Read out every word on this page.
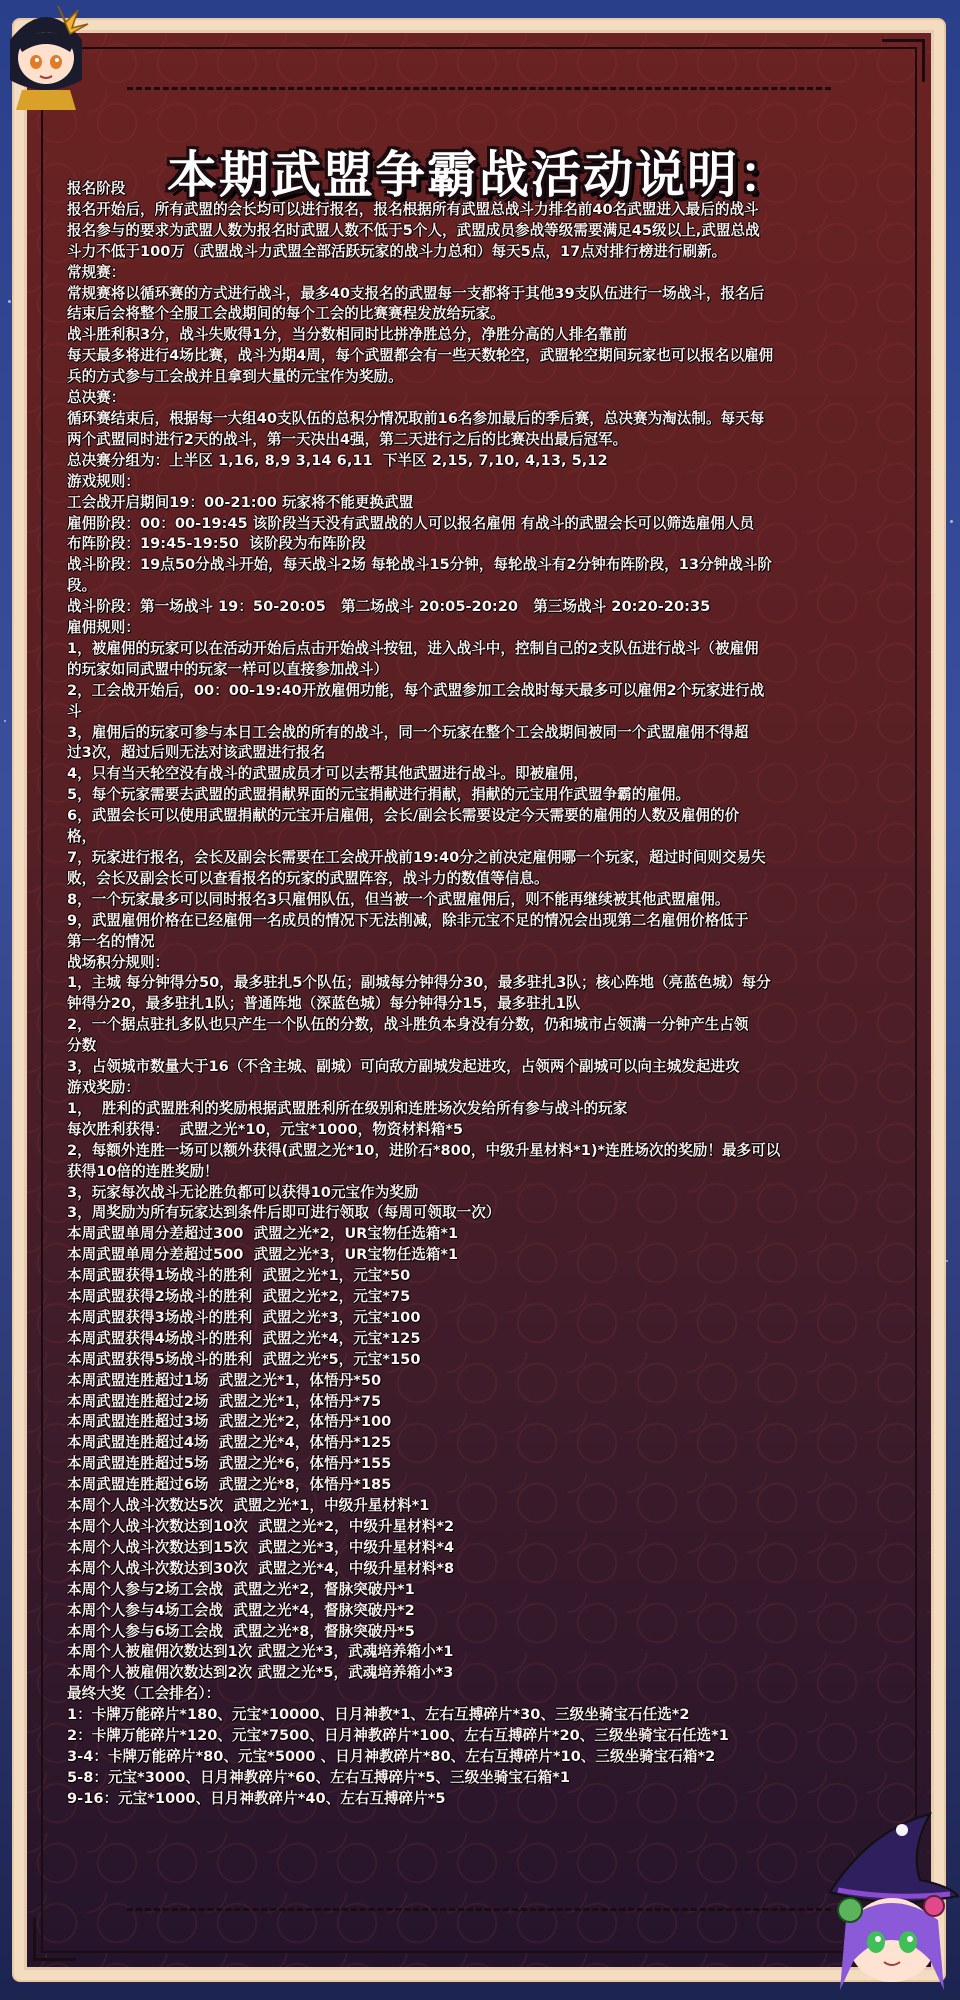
本期武盟争霸战活动说明：

报名阶段

报名开始后，所有武盟的会长均可以进行报名，报名根据所有武盟总战斗力排名前40名武盟进入最后的战斗

报名参与的要求为武盟人数为报名时武盟人数不低于5个人，武盟成员参战等级需要满足45级以上,武盟总战

斗力不低于100万（武盟战斗力武盟全部活跃玩家的战斗力总和）每天5点，17点对排行榜进行刷新。

常规赛：

常规赛将以循环赛的方式进行战斗，最多40支报名的武盟每一支都将于其他39支队伍进行一场战斗，报名后

结束后会将整个全服工会战期间的每个工会的比赛赛程发放给玩家。

战斗胜利积3分，战斗失败得1分，当分数相同时比拼净胜总分，净胜分高的人排名靠前

每天最多将进行4场比赛，战斗为期4周，每个武盟都会有一些天数轮空，武盟轮空期间玩家也可以报名以雇佣

兵的方式参与工会战并且拿到大量的元宝作为奖励。

总决赛：

循环赛结束后，根据每一大组40支队伍的总积分情况取前16名参加最后的季后赛，总决赛为淘汰制。每天每

两个武盟同时进行2天的战斗，第一天决出4强，第二天进行之后的比赛决出最后冠军。

总决赛分组为：上半区 1,16, 8,9 3,14 6,11  下半区 2,15, 7,10, 4,13, 5,12

游戏规则：

工会战开启期间19：00-21:00 玩家将不能更换武盟

雇佣阶段：00：00-19:45 该阶段当天没有武盟战的人可以报名雇佣 有战斗的武盟会长可以筛选雇佣人员

布阵阶段：19:45-19:50  该阶段为布阵阶段

战斗阶段：19点50分战斗开始，每天战斗2场 每轮战斗15分钟，每轮战斗有2分钟布阵阶段，13分钟战斗阶

段。

战斗阶段：第一场战斗 19：50-20:05   第二场战斗 20:05-20:20   第三场战斗 20:20-20:35

雇佣规则：

1，被雇佣的玩家可以在活动开始后点击开始战斗按钮，进入战斗中，控制自己的2支队伍进行战斗（被雇佣

的玩家如同武盟中的玩家一样可以直接参加战斗）

2，工会战开始后，00：00-19:40开放雇佣功能，每个武盟参加工会战时每天最多可以雇佣2个玩家进行战

斗

3，雇佣后的玩家可参与本日工会战的所有的战斗，同一个玩家在整个工会战期间被同一个武盟雇佣不得超

过3次，超过后则无法对该武盟进行报名

4，只有当天轮空没有战斗的武盟成员才可以去帮其他武盟进行战斗。即被雇佣，

5，每个玩家需要去武盟的武盟捐献界面的元宝捐献进行捐献，捐献的元宝用作武盟争霸的雇佣。

6，武盟会长可以使用武盟捐献的元宝开启雇佣，会长/副会长需要设定今天需要的雇佣的人数及雇佣的价

格，

7，玩家进行报名，会长及副会长需要在工会战开战前19:40分之前决定雇佣哪一个玩家，超过时间则交易失

败，会长及副会长可以查看报名的玩家的武盟阵容，战斗力的数值等信息。

8，一个玩家最多可以同时报名3只雇佣队伍，但当被一个武盟雇佣后，则不能再继续被其他武盟雇佣。

9，武盟雇佣价格在已经雇佣一名成员的情况下无法削减，除非元宝不足的情况会出现第二名雇佣价格低于

第一名的情况

战场积分规则：

1，主城 每分钟得分50，最多驻扎5个队伍；副城每分钟得分30，最多驻扎3队；核心阵地（亮蓝色城）每分

钟得分20，最多驻扎1队；普通阵地（深蓝色城）每分钟得分15，最多驻扎1队

2，一个据点驻扎多队也只产生一个队伍的分数，战斗胜负本身没有分数，仍和城市占领满一分钟产生占领

分数

3，占领城市数量大于16（不含主城、副城）可向敌方副城发起进攻，占领两个副城可以向主城发起进攻

游戏奖励：

1，  胜利的武盟胜利的奖励根据武盟胜利所在级别和连胜场次发给所有参与战斗的玩家

每次胜利获得：  武盟之光*10，元宝*1000，物资材料箱*5

2，每额外连胜一场可以额外获得(武盟之光*10，进阶石*800，中级升星材料*1)*连胜场次的奖励！最多可以

获得10倍的连胜奖励！

3，玩家每次战斗无论胜负都可以获得10元宝作为奖励

3，周奖励为所有玩家达到条件后即可进行领取（每周可领取一次）

本周武盟单周分差超过300  武盟之光*2，UR宝物任选箱*1

本周武盟单周分差超过500  武盟之光*3，UR宝物任选箱*1

本周武盟获得1场战斗的胜利  武盟之光*1，元宝*50

本周武盟获得2场战斗的胜利  武盟之光*2，元宝*75

本周武盟获得3场战斗的胜利  武盟之光*3，元宝*100

本周武盟获得4场战斗的胜利  武盟之光*4，元宝*125

本周武盟获得5场战斗的胜利  武盟之光*5，元宝*150

本周武盟连胜超过1场  武盟之光*1，体悟丹*50

本周武盟连胜超过2场  武盟之光*1，体悟丹*75

本周武盟连胜超过3场  武盟之光*2，体悟丹*100

本周武盟连胜超过4场  武盟之光*4，体悟丹*125

本周武盟连胜超过5场  武盟之光*6，体悟丹*155

本周武盟连胜超过6场  武盟之光*8，体悟丹*185

本周个人战斗次数达5次  武盟之光*1，中级升星材料*1

本周个人战斗次数达到10次  武盟之光*2，中级升星材料*2

本周个人战斗次数达到15次  武盟之光*3，中级升星材料*4

本周个人战斗次数达到30次  武盟之光*4，中级升星材料*8

本周个人参与2场工会战  武盟之光*2，督脉突破丹*1

本周个人参与4场工会战  武盟之光*4，督脉突破丹*2

本周个人参与6场工会战  武盟之光*8，督脉突破丹*5

本周个人被雇佣次数达到1次 武盟之光*3，武魂培养箱小*1

本周个人被雇佣次数达到2次 武盟之光*5，武魂培养箱小*3

最终大奖（工会排名）：

1：卡牌万能碎片*180、元宝*10000、日月神教*1、左右互搏碎片*30、三级坐骑宝石任选*2

2：卡牌万能碎片*120、元宝*7500、日月神教碎片*100、左右互搏碎片*20、三级坐骑宝石任选*1

3-4：卡牌万能碎片*80、元宝*5000 、日月神教碎片*80、左右互搏碎片*10、三级坐骑宝石箱*2

5-8：元宝*3000、日月神教碎片*60、左右互搏碎片*5、三级坐骑宝石箱*1

9-16：元宝*1000、日月神教碎片*40、左右互搏碎片*5
